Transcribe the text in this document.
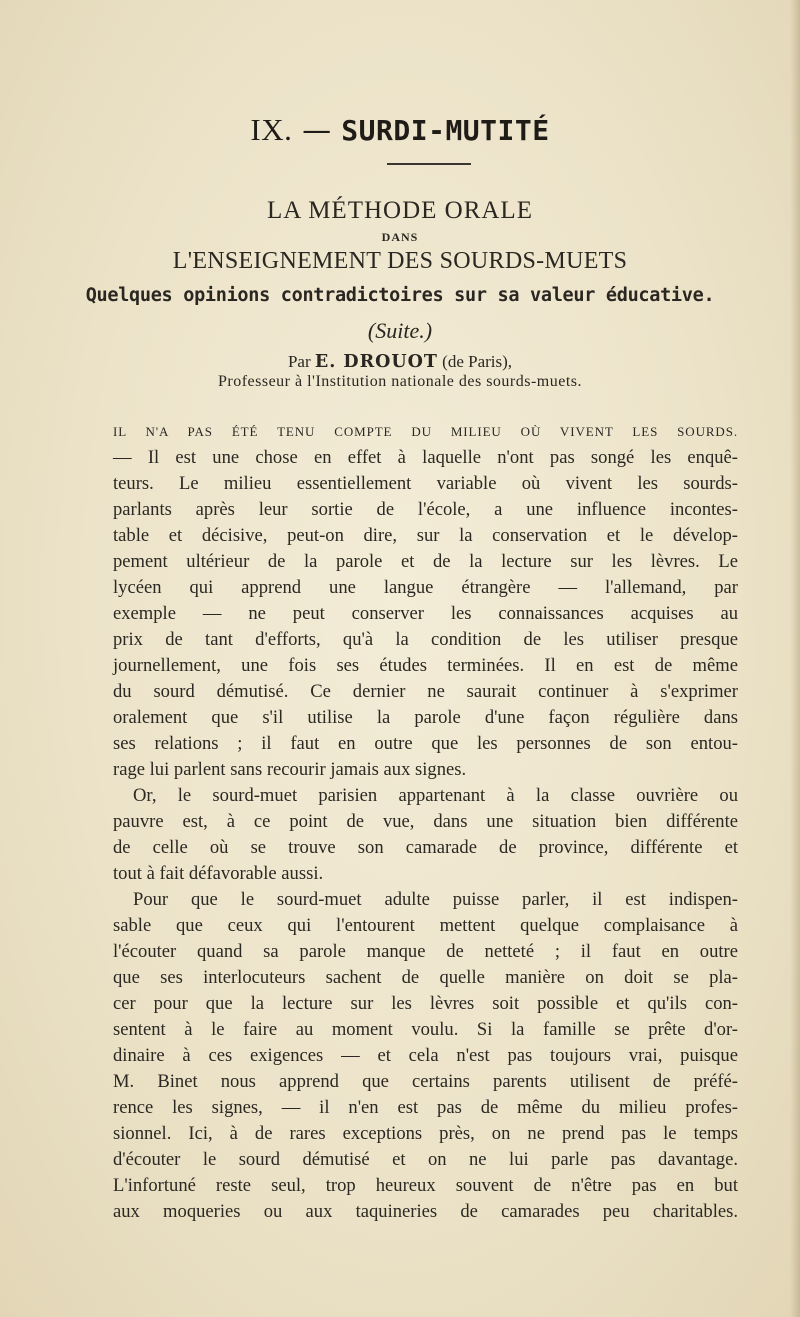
IX. — SURDI-MUTITÉ
LA MÉTHODE ORALE
DANS
L'ENSEIGNEMENT DES SOURDS-MUETS
Quelques opinions contradictoires sur sa valeur éducative.
(Suite.)
Par E. DROUOT (de Paris),
Professeur à l'Institution nationale des sourds-muets.
IL N'A PAS ÉTÉ TENU COMPTE DU MILIEU OÙ VIVENT LES SOURDS.
— Il est une chose en effet à laquelle n'ont pas songé les enquê-
teurs. Le milieu essentiellement variable où vivent les sourds-
parlants après leur sortie de l'école, a une influence incontes-
table et décisive, peut-on dire, sur la conservation et le dévelop-
pement ultérieur de la parole et de la lecture sur les lèvres. Le
lycéen qui apprend une langue étrangère — l'allemand, par
exemple — ne peut conserver les connaissances acquises au
prix de tant d'efforts, qu'à la condition de les utiliser presque
journellement, une fois ses études terminées. Il en est de même
du sourd démutisé. Ce dernier ne saurait continuer à s'exprimer
oralement que s'il utilise la parole d'une façon régulière dans
ses relations ; il faut en outre que les personnes de son entou-
rage lui parlent sans recourir jamais aux signes.
Or, le sourd-muet parisien appartenant à la classe ouvrière ou
pauvre est, à ce point de vue, dans une situation bien différente
de celle où se trouve son camarade de province, différente et
tout à fait défavorable aussi.
Pour que le sourd-muet adulte puisse parler, il est indispen-
sable que ceux qui l'entourent mettent quelque complaisance à
l'écouter quand sa parole manque de netteté ; il faut en outre
que ses interlocuteurs sachent de quelle manière on doit se pla-
cer pour que la lecture sur les lèvres soit possible et qu'ils con-
sentent à le faire au moment voulu. Si la famille se prête d'or-
dinaire à ces exigences — et cela n'est pas toujours vrai, puisque
M. Binet nous apprend que certains parents utilisent de préfé-
rence les signes, — il n'en est pas de même du milieu profes-
sionnel. Ici, à de rares exceptions près, on ne prend pas le temps
d'écouter le sourd démutisé et on ne lui parle pas davantage.
L'infortuné reste seul, trop heureux souvent de n'être pas en but
aux moqueries ou aux taquineries de camarades peu charitables.
